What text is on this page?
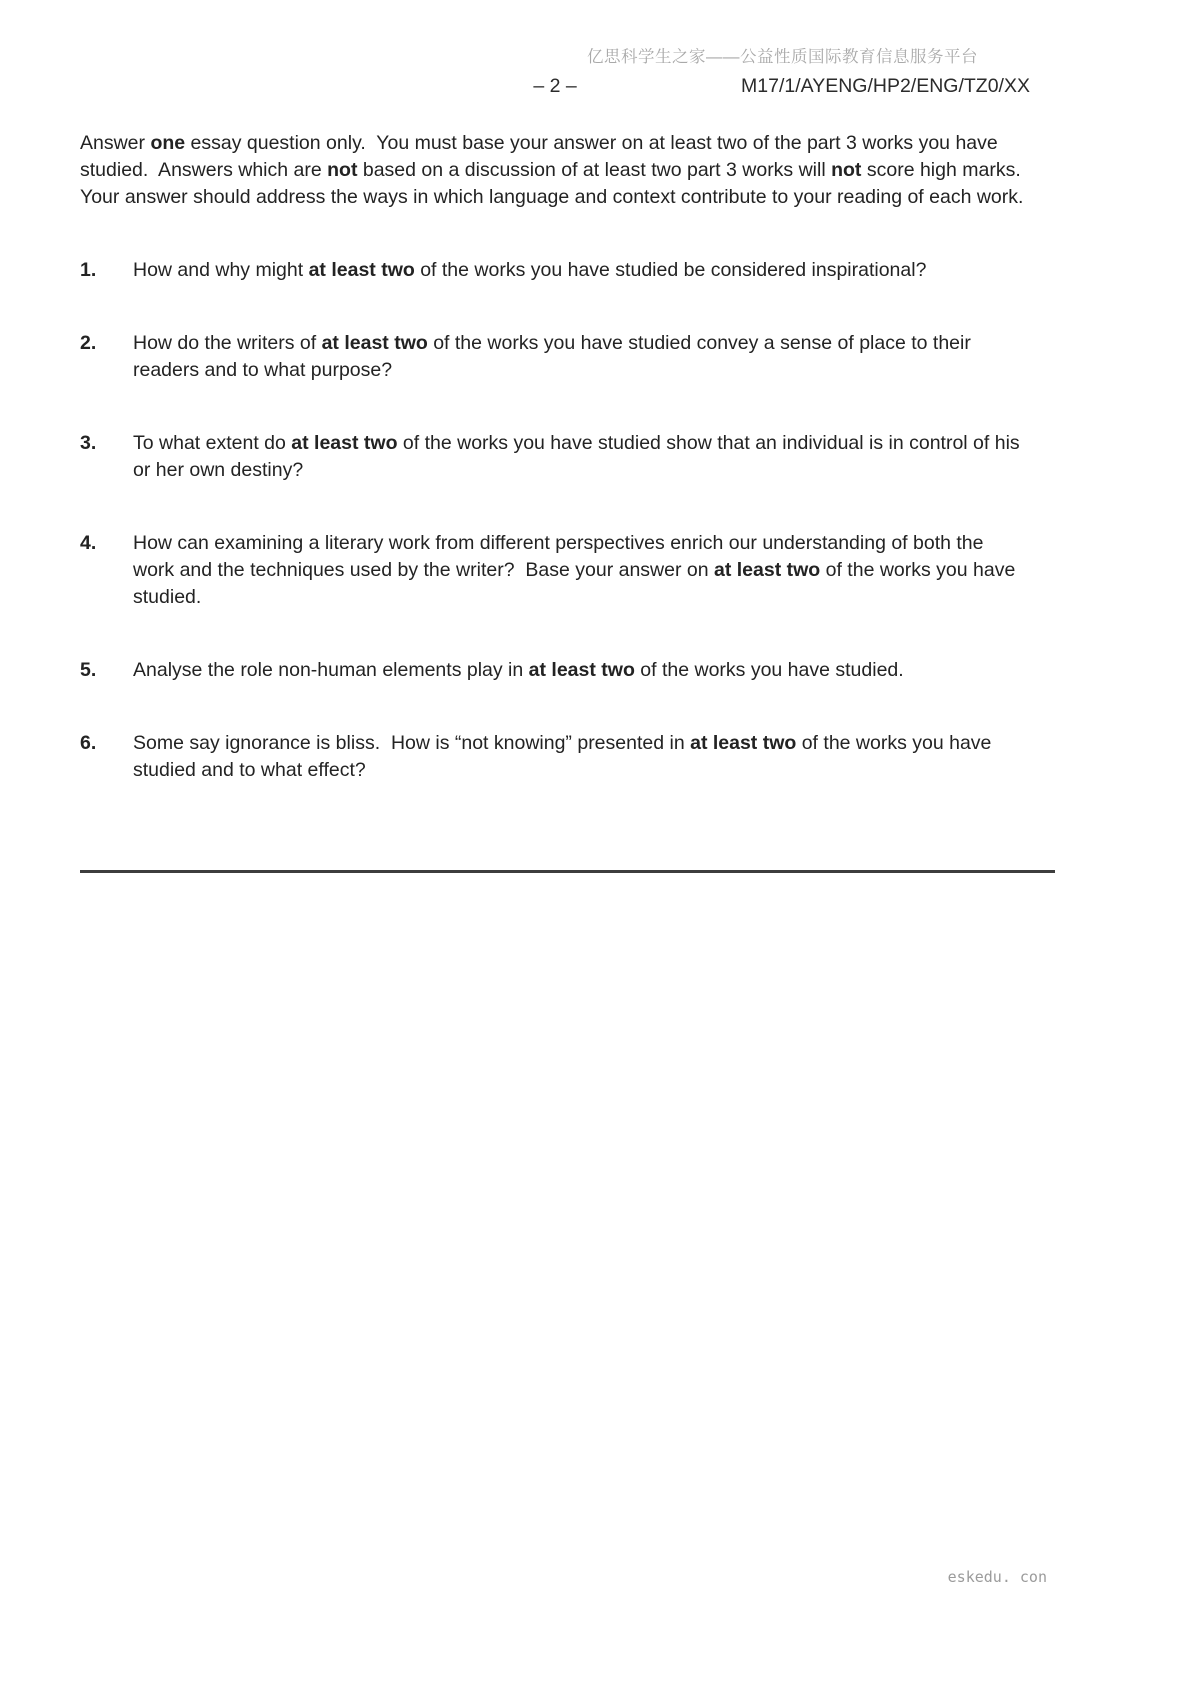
亿思科学生之家——公益性质国际教育信息服务平台
– 2 –	M17/1/AYENG/HP2/ENG/TZ0/XX

Answer one essay question only.  You must base your answer on at least two of the part 3 works you have studied.  Answers which are not based on a discussion of at least two part 3 works will not score high marks.  Your answer should address the ways in which language and context contribute to your reading of each work.

1.	How and why might at least two of the works you have studied be considered inspirational?
2.	How do the writers of at least two of the works you have studied convey a sense of place to their readers and to what purpose?
3.	To what extent do at least two of the works you have studied show that an individual is in control of his or her own destiny?
4.	How can examining a literary work from different perspectives enrich our understanding of both the work and the techniques used by the writer?  Base your answer on at least two of the works you have studied.
5.	Analyse the role non-human elements play in at least two of the works you have studied.
6.	Some say ignorance is bliss.  How is “not knowing” presented in at least two of the works you have studied and to what effect?
eskedu. con
